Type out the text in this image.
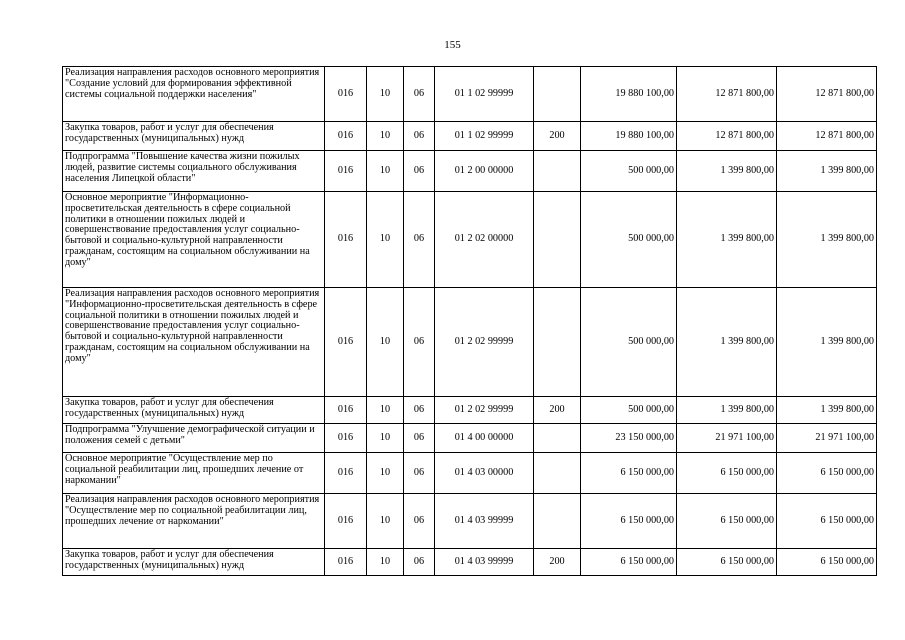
155
Реализация направления расходов основного мероприятия "Создание условий для формирования эффективной системы социальной поддержки населения"	016	10	06	01 1 02 99999		19 880 100,00	12 871 800,00	12 871 800,00
Закупка товаров, работ и услуг для обеспечения государственных (муниципальных) нужд	016	10	06	01 1 02 99999	200	19 880 100,00	12 871 800,00	12 871 800,00
Подпрограмма "Повышение качества жизни пожилых людей, развитие системы социального обслуживания населения Липецкой области"	016	10	06	01 2 00 00000		500 000,00	1 399 800,00	1 399 800,00
Основное мероприятие "Информационно-просветительская деятельность в сфере социальной политики в отношении пожилых людей и совершенствование предоставления услуг социально-бытовой и социально-культурной направленности гражданам, состоящим на социальном обслуживании на дому"	016	10	06	01 2 02 00000		500 000,00	1 399 800,00	1 399 800,00
Реализация направления расходов основного мероприятия "Информационно-просветительская деятельность в сфере социальной политики в отношении пожилых людей и совершенствование предоставления услуг социально-бытовой и социально-культурной направленности гражданам, состоящим на социальном обслуживании на дому"	016	10	06	01 2 02 99999		500 000,00	1 399 800,00	1 399 800,00
Закупка товаров, работ и услуг для обеспечения государственных (муниципальных) нужд	016	10	06	01 2 02 99999	200	500 000,00	1 399 800,00	1 399 800,00
Подпрограмма "Улучшение демографической ситуации и положения семей с детьми"	016	10	06	01 4 00 00000		23 150 000,00	21 971 100,00	21 971 100,00
Основное мероприятие "Осуществление мер по социальной реабилитации лиц, прошедших лечение от наркомании"	016	10	06	01 4 03 00000		6 150 000,00	6 150 000,00	6 150 000,00
Реализация направления расходов основного мероприятия "Осуществление мер по социальной реабилитации лиц, прошедших лечение от наркомании"	016	10	06	01 4 03 99999		6 150 000,00	6 150 000,00	6 150 000,00
Закупка товаров, работ и услуг для обеспечения государственных (муниципальных) нужд	016	10	06	01 4 03 99999	200	6 150 000,00	6 150 000,00	6 150 000,00
